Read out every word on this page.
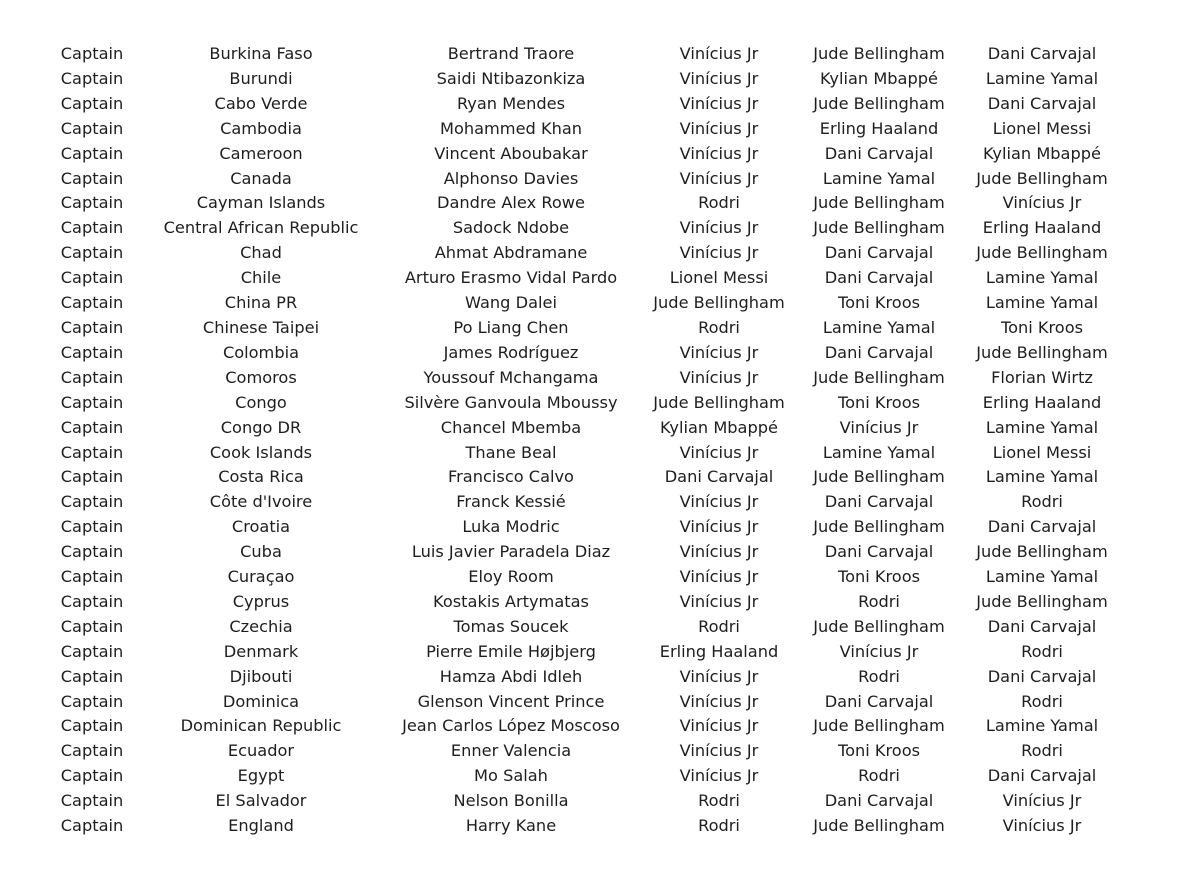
Captain	Burkina Faso	Bertrand Traore	Vinícius Jr	Jude Bellingham	Dani Carvajal
Captain	Burundi	Saidi Ntibazonkiza	Vinícius Jr	Kylian Mbappé	Lamine Yamal
Captain	Cabo Verde	Ryan Mendes	Vinícius Jr	Jude Bellingham	Dani Carvajal
Captain	Cambodia	Mohammed Khan	Vinícius Jr	Erling Haaland	Lionel Messi
Captain	Cameroon	Vincent Aboubakar	Vinícius Jr	Dani Carvajal	Kylian Mbappé
Captain	Canada	Alphonso Davies	Vinícius Jr	Lamine Yamal	Jude Bellingham
Captain	Cayman Islands	Dandre Alex Rowe	Rodri	Jude Bellingham	Vinícius Jr
Captain	Central African Republic	Sadock Ndobe	Vinícius Jr	Jude Bellingham	Erling Haaland
Captain	Chad	Ahmat Abdramane	Vinícius Jr	Dani Carvajal	Jude Bellingham
Captain	Chile	Arturo Erasmo Vidal Pardo	Lionel Messi	Dani Carvajal	Lamine Yamal
Captain	China PR	Wang Dalei	Jude Bellingham	Toni Kroos	Lamine Yamal
Captain	Chinese Taipei	Po Liang Chen	Rodri	Lamine Yamal	Toni Kroos
Captain	Colombia	James Rodríguez	Vinícius Jr	Dani Carvajal	Jude Bellingham
Captain	Comoros	Youssouf Mchangama	Vinícius Jr	Jude Bellingham	Florian Wirtz
Captain	Congo	Silvère Ganvoula Mboussy	Jude Bellingham	Toni Kroos	Erling Haaland
Captain	Congo DR	Chancel Mbemba	Kylian Mbappé	Vinícius Jr	Lamine Yamal
Captain	Cook Islands	Thane Beal	Vinícius Jr	Lamine Yamal	Lionel Messi
Captain	Costa Rica	Francisco Calvo	Dani Carvajal	Jude Bellingham	Lamine Yamal
Captain	Côte d'Ivoire	Franck Kessié	Vinícius Jr	Dani Carvajal	Rodri
Captain	Croatia	Luka Modric	Vinícius Jr	Jude Bellingham	Dani Carvajal
Captain	Cuba	Luis Javier Paradela Diaz	Vinícius Jr	Dani Carvajal	Jude Bellingham
Captain	Curaçao	Eloy Room	Vinícius Jr	Toni Kroos	Lamine Yamal
Captain	Cyprus	Kostakis Artymatas	Vinícius Jr	Rodri	Jude Bellingham
Captain	Czechia	Tomas Soucek	Rodri	Jude Bellingham	Dani Carvajal
Captain	Denmark	Pierre Emile Højbjerg	Erling Haaland	Vinícius Jr	Rodri
Captain	Djibouti	Hamza Abdi Idleh	Vinícius Jr	Rodri	Dani Carvajal
Captain	Dominica	Glenson Vincent Prince	Vinícius Jr	Dani Carvajal	Rodri
Captain	Dominican Republic	Jean Carlos López Moscoso	Vinícius Jr	Jude Bellingham	Lamine Yamal
Captain	Ecuador	Enner Valencia	Vinícius Jr	Toni Kroos	Rodri
Captain	Egypt	Mo Salah	Vinícius Jr	Rodri	Dani Carvajal
Captain	El Salvador	Nelson Bonilla	Rodri	Dani Carvajal	Vinícius Jr
Captain	England	Harry Kane	Rodri	Jude Bellingham	Vinícius Jr
